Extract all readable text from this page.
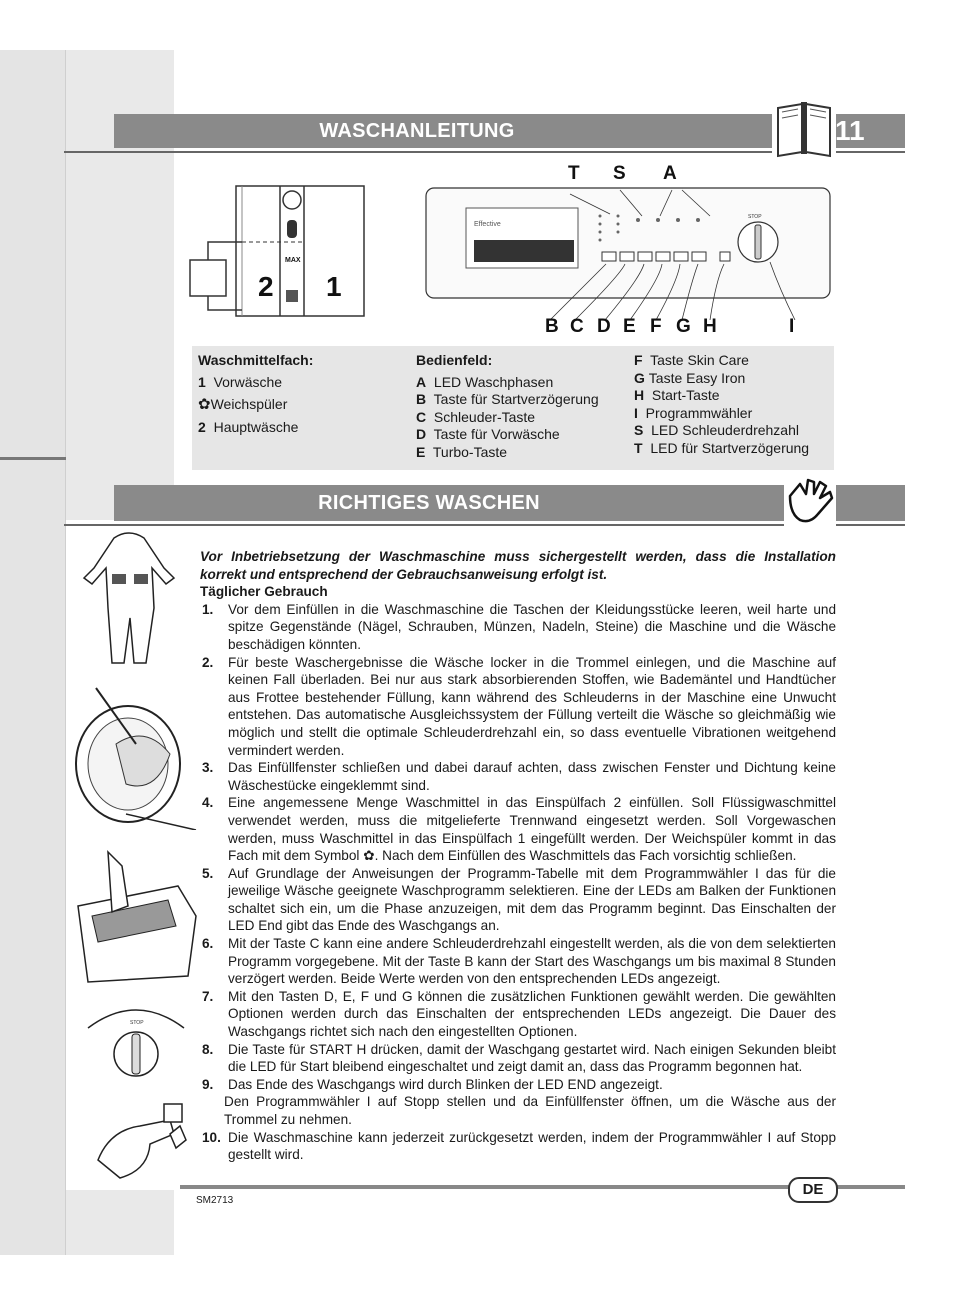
WASCHANLEITUNG	11
2 1
MAX
Effective
STOP
T S A
B C D E F G H	I
Waschmittelfach:
1 Vorwäsche
✿Weichspüler
2 Hauptwäsche
Bedienfeld:
A LED Waschphasen
B Taste für Startverzögerung
C Schleuder-Taste
D Taste für Vorwäsche
E Turbo-Taste
F Taste Skin Care
G Taste Easy Iron
H Start-Taste
I Programmwähler
S LED Schleuderdrehzahl
T LED für Startverzögerung
RICHTIGES WASCHEN
STOP
Vor Inbetriebsetzung der Waschmaschine muss sichergestellt werden, dass die Installation korrekt und entsprechend der Gebrauchsanweisung erfolgt ist.
Täglicher Gebrauch
1. Vor dem Einfüllen in die Waschmaschine die Taschen der Kleidungsstücke leeren, weil harte und spitze Gegenstände (Nägel, Schrauben, Münzen, Nadeln, Steine) die Maschine und die Wäsche beschädigen könnten.
2. Für beste Waschergebnisse die Wäsche locker in die Trommel einlegen, und die Maschine auf keinen Fall überladen. Bei nur aus stark absorbierenden Stoffen, wie Bademäntel und Handtücher aus Frottee bestehender Füllung, kann während des Schleuderns in der Maschine eine Unwucht entstehen. Das automatische Ausgleichssystem der Füllung verteilt die Wäsche so gleichmäßig wie möglich und stellt die optimale Schleuderdrehzahl ein, so dass eventuelle Vibrationen weitgehend vermindert werden.
3. Das Einfüllfenster schließen und dabei darauf achten, dass zwischen Fenster und Dichtung keine Wäschestücke eingeklemmt sind.
4. Eine angemessene Menge Waschmittel in das Einspülfach 2 einfüllen. Soll Flüssigwaschmittel verwendet werden, muss die mitgelieferte Trennwand eingesetzt werden. Soll Vorgewaschen werden, muss Waschmittel in das Einspülfach 1 eingefüllt werden. Der Weichspüler kommt in das Fach mit dem Symbol ✿. Nach dem Einfüllen des Waschmittels das Fach vorsichtig schließen.
5. Auf Grundlage der Anweisungen der Programm-Tabelle mit dem Programmwähler I das für die jeweilige Wäsche geeignete Waschprogramm selektieren. Eine der LEDs am Balken der Funktionen schaltet sich ein, um die Phase anzuzeigen, mit dem das Programm beginnt. Das Einschalten der LED End gibt das Ende des Waschgangs an.
6. Mit der Taste C kann eine andere Schleuderdrehzahl eingestellt werden, als die von dem selektierten Programm vorgegebene. Mit der Taste B kann der Start des Waschgangs um bis maximal 8 Stunden verzögert werden. Beide Werte werden von den entsprechenden LEDs angezeigt.
7. Mit den Tasten D, E, F und G können die zusätzlichen Funktionen gewählt werden. Die gewählten Optionen werden durch das Einschalten der entsprechenden LEDs angezeigt. Die Dauer des Waschgangs richtet sich nach den eingestellten Optionen.
8. Die Taste für START H drücken, damit der Waschgang gestartet wird. Nach einigen Sekunden bleibt die LED für Start bleibend eingeschaltet und zeigt damit an, dass das Programm begonnen hat.
9. Das Ende des Waschgangs wird durch Blinken der LED END angezeigt.
Den Programmwähler I auf Stopp stellen und da Einfüllfenster öffnen, um die Wäsche aus der Trommel zu nehmen.
10. Die Waschmaschine kann jederzeit zurückgesetzt werden, indem der Programmwähler I auf Stopp gestellt wird.
DE
SM2713
